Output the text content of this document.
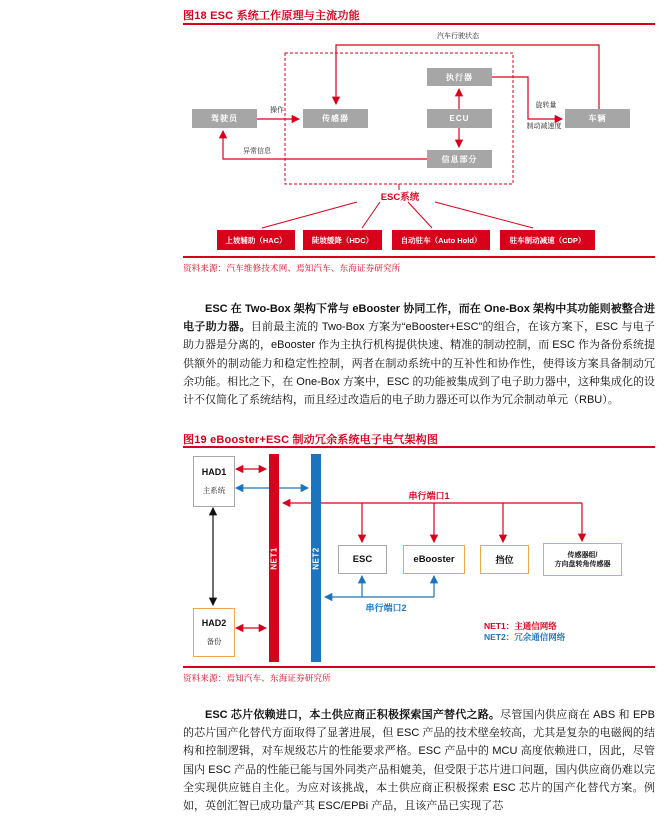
图18 ESC 系统工作原理与主流功能
汽车行驶状态
执行器
驾驶员	传感器	ECU	车辆
信息部分
操作
异常信息
旋转量
制动减速度
ESC系统
上坡辅助（HAC）	陡坡缓降（HDC）	自动驻车（Auto Hold）	驻车制动减速（CDP）
资料来源：汽车维修技术网、焉知汽车、东海证券研究所

ESC 在 Two-Box 架构下常与 eBooster 协同工作，而在 One-Box 架构中其功能则被整合进电子助力器。目前最主流的 Two-Box 方案为“eBooster+ESC”的组合，在该方案下，ESC 与电子助力器是分离的，eBooster 作为主执行机构提供快速、精准的制动控制，而 ESC 作为备份系统提供额外的制动能力和稳定性控制，两者在制动系统中的互补性和协作性，使得该方案具备制动冗余功能。相比之下，在 One-Box 方案中，ESC 的功能被集成到了电子助力器中，这种集成化的设计不仅简化了系统结构，而且经过改造后的电子助力器还可以作为冗余制动单元（RBU）。

图19 eBooster+ESC 制动冗余系统电子电气架构图
HAD1
主系统
HAD2
备份
NET1	NET2
串行端口1
串行端口2
ESC	eBooster	挡位	传感器组/
方向盘转角传感器
NET1：主通信网络
NET2：冗余通信网络
资料来源：焉知汽车、东海证券研究所

ESC 芯片依赖进口，本土供应商正积极探索国产替代之路。尽管国内供应商在 ABS 和 EPB 的芯片国产化替代方面取得了显著进展，但 ESC 产品的技术壁垒较高，尤其是复杂的电磁阀的结构和控制逻辑，对车规级芯片的性能要求严格。ESC 产品中的 MCU 高度依赖进口，因此，尽管国内 ESC 产品的性能已能与国外同类产品相媲美，但受限于芯片进口问题，国内供应商仍难以完全实现供应链自主化。为应对该挑战，本土供应商正积极探索 ESC 芯片的国产化替代方案。例如，英创汇智已成功量产其 ESC/EPBi 产品，且该产品已实现了芯
